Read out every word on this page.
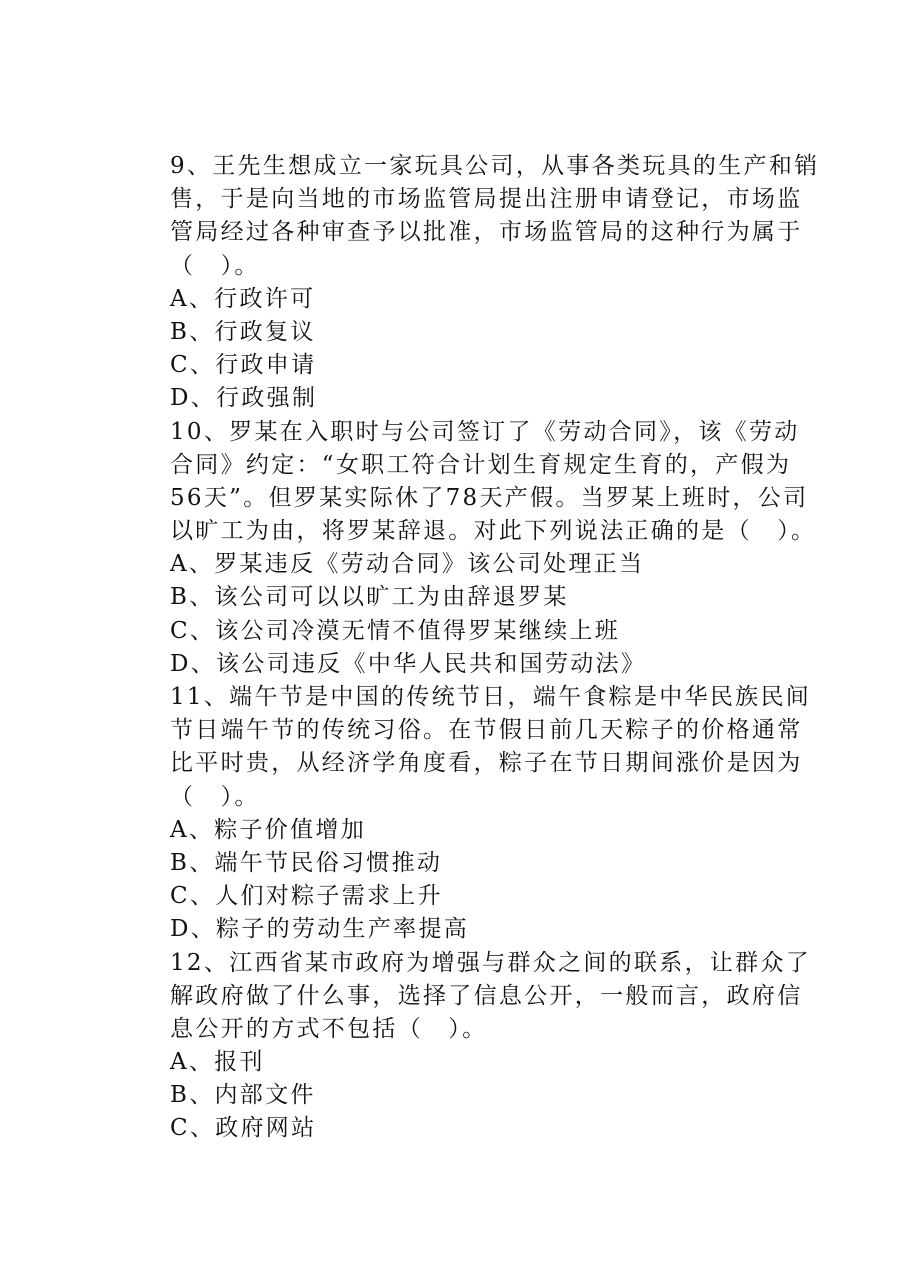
9、王先生想成立一家玩具公司，从事各类玩具的生产和销
售，于是向当地的市场监管局提出注册申请登记，市场监
管局经过各种审查予以批准，市场监管局的这种行为属于
（　）。
A、行政许可
B、行政复议
C、行政申请
D、行政强制
10、罗某在入职时与公司签订了《劳动合同》，该《劳动
合同》约定：“女职工符合计划生育规定生育的，产假为
56天”。但罗某实际休了78天产假。当罗某上班时，公司
以旷工为由，将罗某辞退。对此下列说法正确的是（　）。
A、罗某违反《劳动合同》该公司处理正当
B、该公司可以以旷工为由辞退罗某
C、该公司冷漠无情不值得罗某继续上班
D、该公司违反《中华人民共和国劳动法》
11、端午节是中国的传统节日，端午食粽是中华民族民间
节日端午节的传统习俗。在节假日前几天粽子的价格通常
比平时贵，从经济学角度看，粽子在节日期间涨价是因为
（　）。
A、粽子价值增加
B、端午节民俗习惯推动
C、人们对粽子需求上升
D、粽子的劳动生产率提高
12、江西省某市政府为增强与群众之间的联系，让群众了
解政府做了什么事，选择了信息公开，一般而言，政府信
息公开的方式不包括（　）。
A、报刊
B、内部文件
C、政府网站
